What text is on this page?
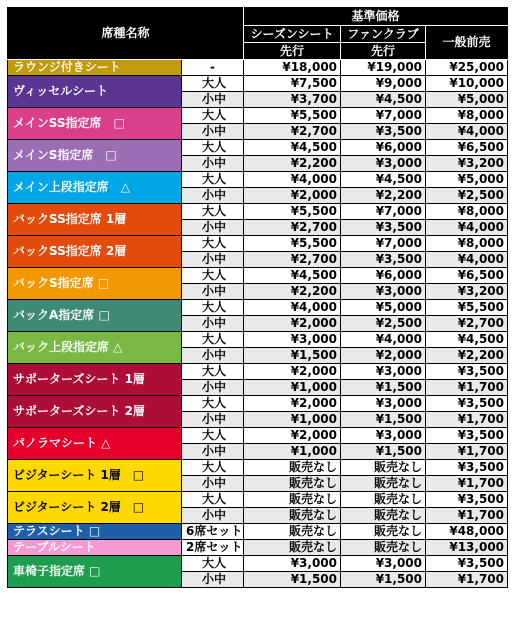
席種名称		基準価格		
		シーズンシート	ファンクラブ	一般前売
		先行	先行	
ラウンジ付きシート	-	¥18,000	¥19,000	¥25,000
ヴィッセルシート	大人	¥7,500	¥9,000	¥10,000
	小中	¥3,700	¥4,500	¥5,000
メインSS指定席　□	大人	¥5,500	¥7,000	¥8,000
	小中	¥2,700	¥3,500	¥4,000
メインS指定席　□	大人	¥4,500	¥6,000	¥6,500
	小中	¥2,200	¥3,000	¥3,200
メイン上段指定席　△	大人	¥4,000	¥4,500	¥5,000
	小中	¥2,000	¥2,200	¥2,500
バックSS指定席 1層	大人	¥5,500	¥7,000	¥8,000
	小中	¥2,700	¥3,500	¥4,000
バックSS指定席 2層	大人	¥5,500	¥7,000	¥8,000
	小中	¥2,700	¥3,500	¥4,000
バックS指定席 □	大人	¥4,500	¥6,000	¥6,500
	小中	¥2,200	¥3,000	¥3,200
バックA指定席 □	大人	¥4,000	¥5,000	¥5,500
	小中	¥2,000	¥2,500	¥2,700
バック上段指定席 △	大人	¥3,000	¥4,000	¥4,500
	小中	¥1,500	¥2,000	¥2,200
サポーターズシート 1層	大人	¥2,000	¥3,000	¥3,500
	小中	¥1,000	¥1,500	¥1,700
サポーターズシート 2層	大人	¥2,000	¥3,000	¥3,500
	小中	¥1,000	¥1,500	¥1,700
パノラマシート △	大人	¥2,000	¥3,000	¥3,500
	小中	¥1,000	¥1,500	¥1,700
ビジターシート 1層　□	大人	販売なし	販売なし	¥3,500
	小中	販売なし	販売なし	¥1,700
ビジターシート 2層　□	大人	販売なし	販売なし	¥3,500
	小中	販売なし	販売なし	¥1,700
テラスシート □	6席セット	販売なし	販売なし	¥48,000
テーブルシート	2席セット	販売なし	販売なし	¥13,000
車椅子指定席 □	大人	¥3,000	¥3,000	¥3,500
	小中	¥1,500	¥1,500	¥1,700
